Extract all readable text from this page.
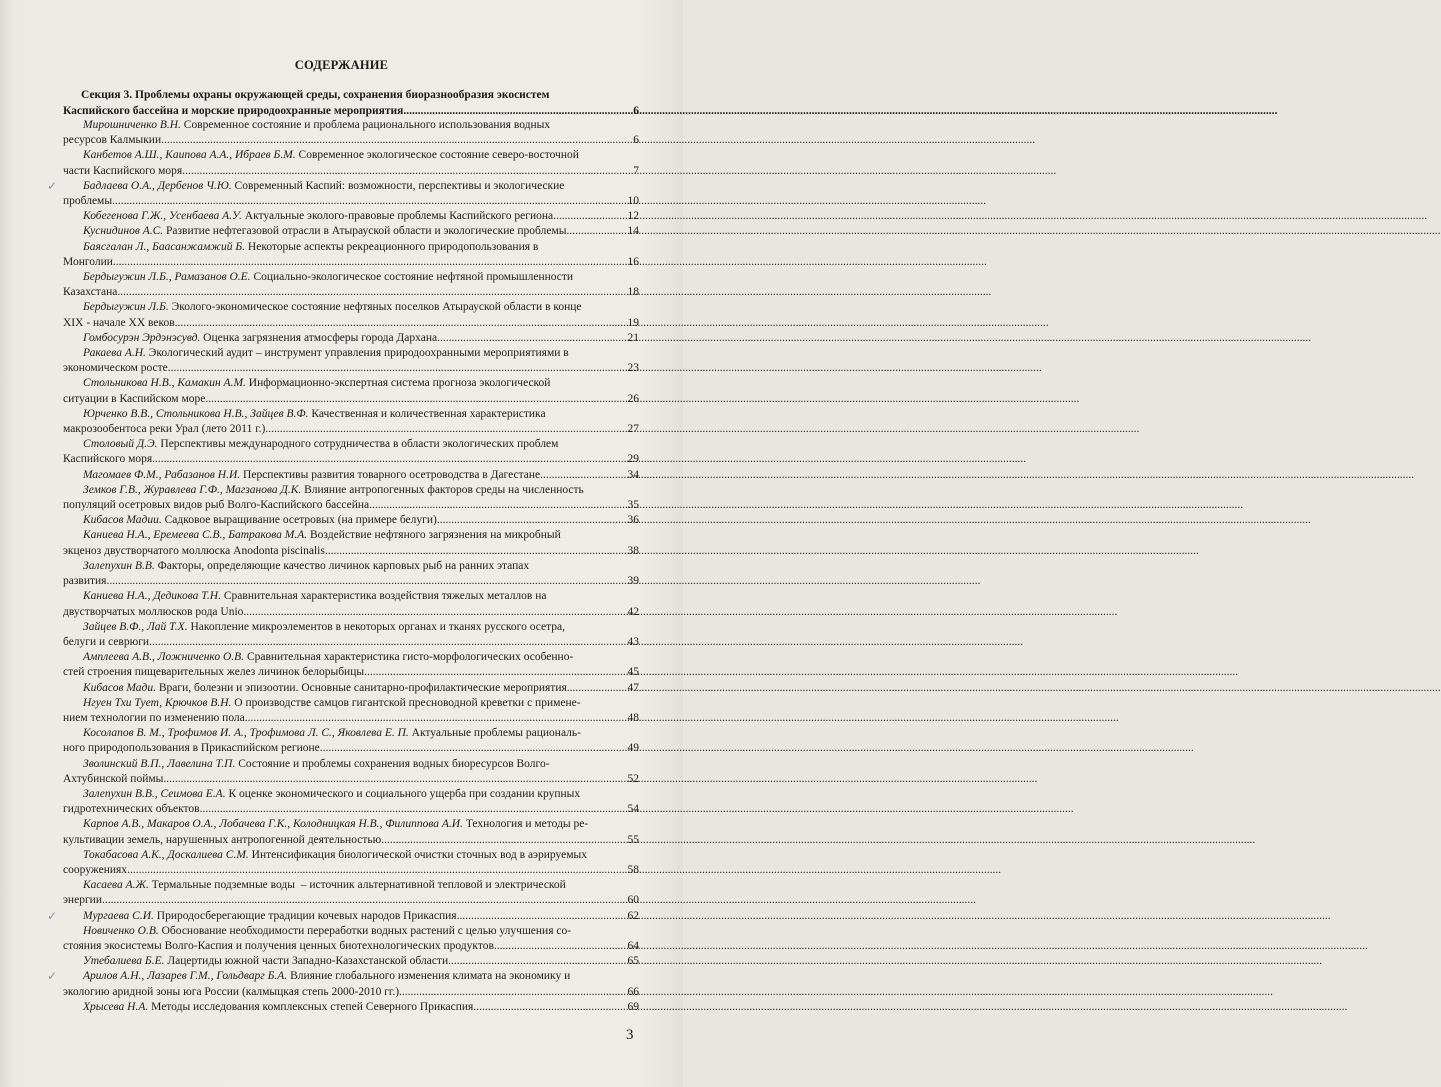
СОДЕРЖАНИЕ
Секция 3. Проблемы охраны окружающей среды, сохранения биоразнообразия экосистем
Каспийского бассейна и морские природоохранные мероприятия .....	6
Мирошниченко В.Н. Современное состояние и проблема рационального использования водных
ресурсов Калмыкии .....	6
Канбетов А.Ш., Каипова А.А., Ибраев Б.М. Современное экологическое состояние северо-восточной
части Каспийского моря .....	7
✓ Бадлаева О.А., Дербенов Ч.Ю. Современный Каспий: возможности, перспективы и экологические
проблемы .....	10
Кобегенова Г.Ж., Усенбаева А.У. Актуальные эколого-правовые проблемы Каспийского региона .....	12
Куснидинов А.С. Развитие нефтегазовой отрасли в Атырауской области и экологические проблемы .....	14
Баясгалан Л., Баасанжамжий Б. Некоторые аспекты рекреационного природопользования в
Монголии .....	16
Бердыгужин Л.Б., Рамазанов О.Е. Социально-экологическое состояние нефтяной промышленности
Казахстана .....	18
Бердыгужин Л.Б. Эколого-экономическое состояние нефтяных поселков Атырауской области в конце
XIX - начале XX веков .....	19
Гомбосурэн Эрдэнэсувд. Оценка загрязнения атмосферы города Дархана .....	21
Ракаева А.Н. Экологический аудит – инструмент управления природоохранными мероприятиями в
экономическом росте .....	23
Стольникова Н.В., Камакин А.М. Информационно-экспертная система прогноза экологической
ситуации в Каспийском море .....	26
Юрченко В.В., Стольникова Н.В., Зайцев В.Ф. Качественная и количественная характеристика
макрозообентоса реки Урал (лето 2011 г.) .....	27
Столовый Д.Э. Перспективы международного сотрудничества в области экологических проблем
Каспийского моря .....	29
Магомаев Ф.М., Рабазанов Н.И. Перспективы развития товарного осетроводства в Дагестане .....	34
Земков Г.В., Журавлева Г.Ф., Магзанова Д.К. Влияние антропогенных факторов среды на численность
популяций осетровых видов рыб Волго-Каспийского бассейна .....	35
Кибасов Мадии. Садковое выращивание осетровых (на примере белуги) .....	36
Каниева Н.А., Еремеева С.В., Батракова М.А. Воздействие нефтяного загрязнения на микробный
экценоз двустворчатого моллюска Anodonta piscinalis .....	38
Залепухин В.В. Факторы, определяющие качество личинок карповых рыб на ранних этапах
развития .....	39
Каниева Н.А., Дедикова Т.Н. Сравнительная характеристика воздействия тяжелых металлов на
двустворчатых моллюсков рода Unio .....	42
Зайцев В.Ф., Лай Т.Х. Накопление микроэлементов в некоторых органах и тканях русского осетра,
белуги и севрюги .....	43
Амплеева А.В., Ложниченко О.В. Сравнительная характеристика гисто-морфологических особенно-
стей строения пищеварительных желез личинок белорыбицы .....	45
Кибасов Мади. Враги, болезни и эпизоотии. Основные санитарно-профилактические мероприятия .....	47
Нгуен Тхи Тует, Крючков В.Н. О производстве самцов гигантской пресноводной креветки с примене-
нием технологии по изменению пола .....	48
Косолапов В. М., Трофимов И. А., Трофимова Л. С., Яковлева Е. П. Актуальные проблемы рациональ-
ного природопользования в Прикаспийском регионе .....	49
Зволинский В.П., Лавелина Т.П. Состояние и проблемы сохранения водных биоресурсов Волго-
Ахтубинской поймы .....	52
Залепухин В.В., Сеимова Е.А. К оценке экономического и социального ущерба при создании крупных
гидротехнических объектов .....	54
Карпов А.В., Макаров О.А., Лобачева Г.К., Колодницкая Н.В., Филиппова А.И. Технология и методы ре-
культивации земель, нарушенных антропогенной деятельностью .....	55
Токабасова А.К., Доскалиева С.М. Интенсификация биологической очистки сточных вод в аэрируемых
сооружениях .....	58
Касаева А.Ж. Термальные подземные воды  – источник альтернативной тепловой и электрической
энергии .....	60
✓ Мургаева С.И. Природосберегающие традиции кочевых народов Прикаспия .....	62
Новиченко О.В. Обоснование необходимости переработки водных растений с целью улучшения со-
стояния экосистемы Волго-Каспия и получения ценных биотехнологических продуктов .....	64
Утебалиева Б.Е. Лацертиды южной части Западно-Казахстанской области .....	65
✓ Арилов А.Н., Лазарев Г.М., Гольдварг Б.А. Влияние глобального изменения климата на экономику и
экологию аридной зоны юга России (калмыцкая степь 2000-2010 гг.) .....	66
Хрысева Н.А. Методы исследования комплексных степей Северного Прикаспия .....	69
3
